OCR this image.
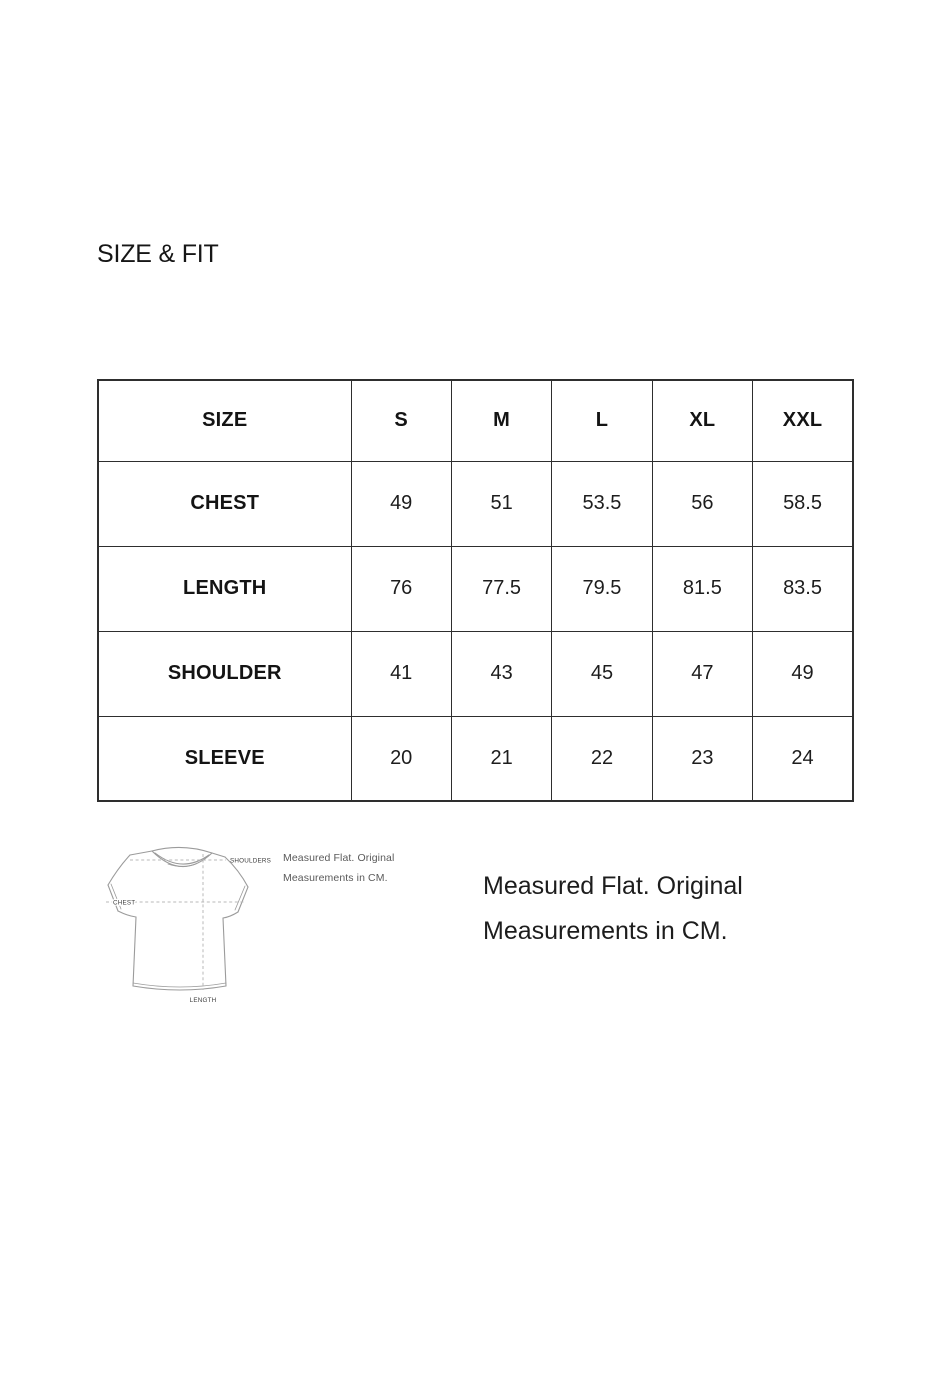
SIZE & FIT
SIZE	S	M	L	XL	XXL
CHEST	49	51	53.5	56	58.5
LENGTH	76	77.5	79.5	81.5	83.5
SHOULDER	41	43	45	47	49
SLEEVE	20	21	22	23	24
SHOULDERS
CHEST
LENGTH
Measured Flat. Original
Measurements in CM.	Measured Flat. Original
Measurements in CM.
